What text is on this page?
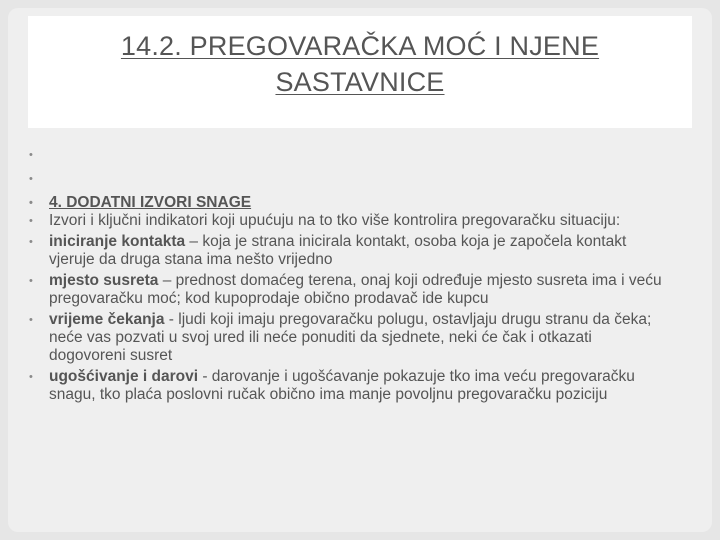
14.2. PREGOVARAČKA MOĆ I NJENE
SASTAVNICE
•
•
• 4. DODATNI IZVORI SNAGE
• Izvori i ključni indikatori koji upućuju na to tko više kontrolira pregovaračku situaciju:
• iniciranje kontakta – koja je strana inicirala kontakt, osoba koja je započela kontakt vjeruje da druga stana ima nešto vrijedno
• mjesto susreta – prednost domaćeg terena, onaj koji određuje mjesto susreta ima i veću pregovaračku moć; kod kupoprodaje obično prodavač ide kupcu
• vrijeme čekanja - ljudi koji imaju pregovaračku polugu, ostavljaju drugu stranu da čeka; neće vas pozvati u svoj ured ili neće ponuditi da sjednete, neki će čak i otkazati dogovoreni susret
• ugošćivanje i darovi - darovanje i ugošćavanje pokazuje tko ima veću pregovaračku snagu, tko plaća poslovni ručak obično ima manje povoljnu pregovaračku poziciju
